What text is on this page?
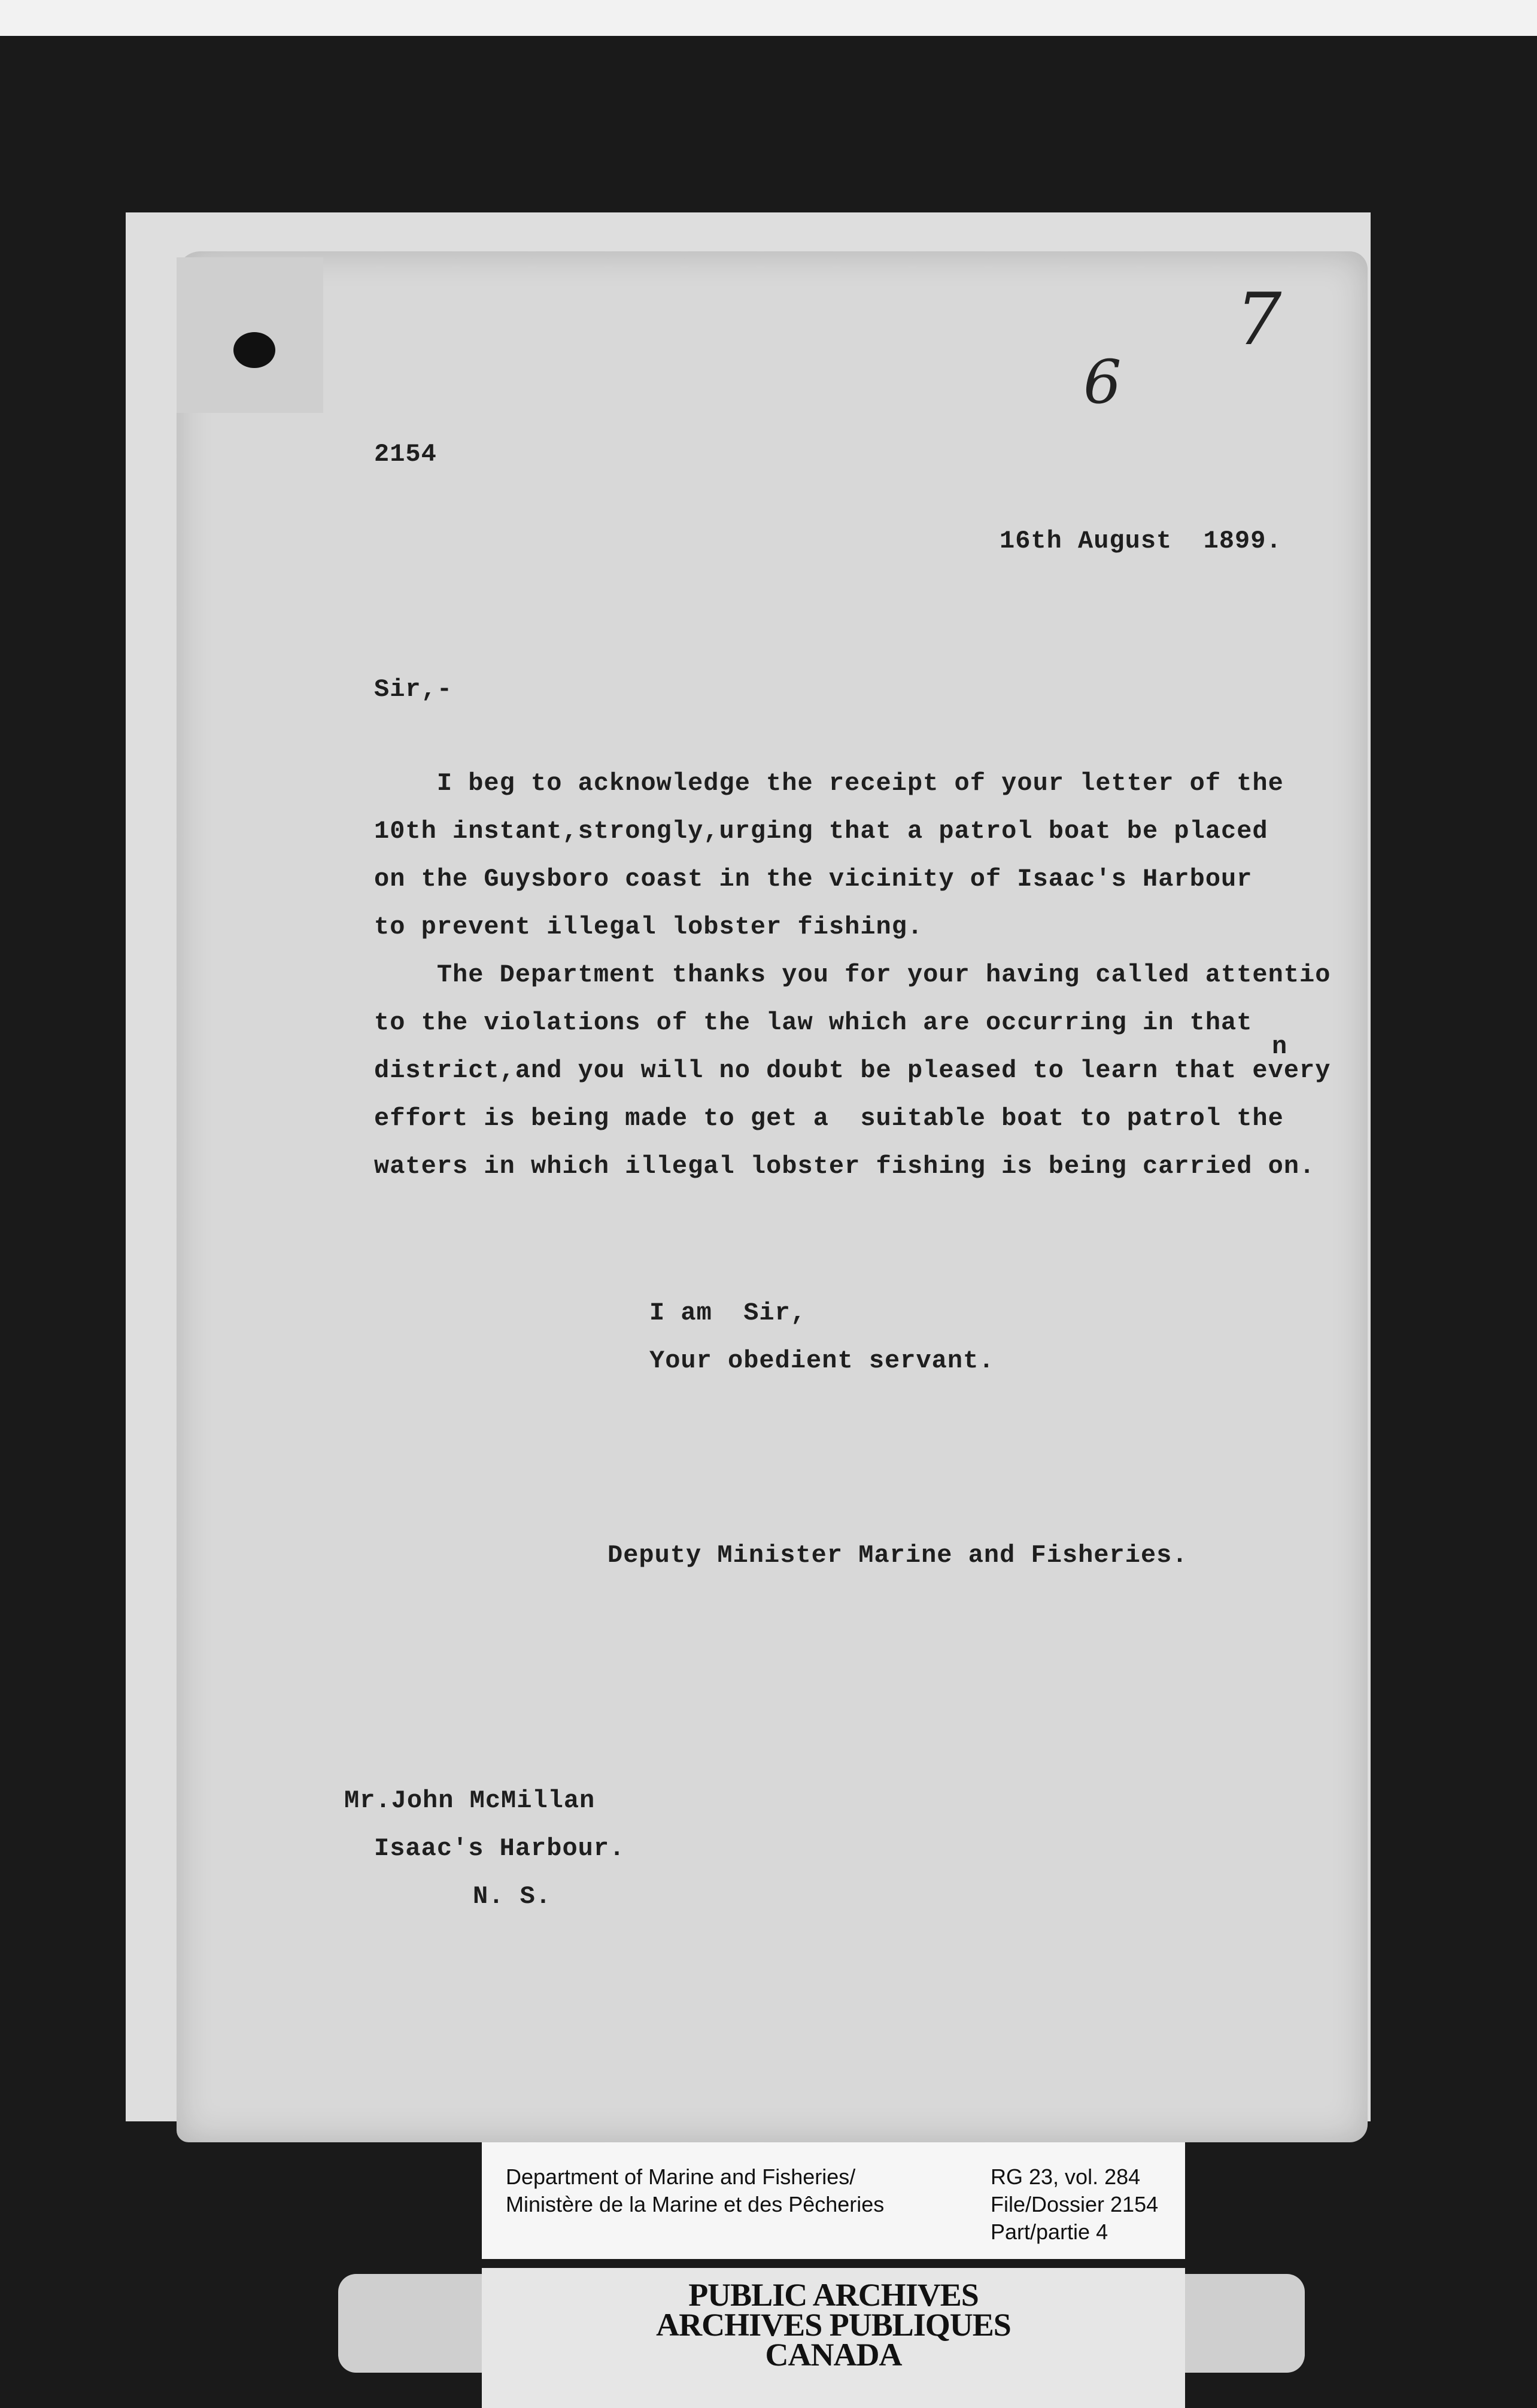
7
6
2154
16th August  1899.
Sir,-
I beg to acknowledge the receipt of your letter of the
10th instant,strongly,urging that a patrol boat be placed
on the Guysboro coast in the vicinity of Isaac's Harbour
to prevent illegal lobster fishing.
The Department thanks you for your having called attentio
to the violations of the law which are occurring in that
district,and you will no doubt be pleased to learn that every
n
effort is being made to get a  suitable boat to patrol the
waters in which illegal lobster fishing is being carried on.
I am  Sir,
Your obedient servant.
Deputy Minister Marine and Fisheries.
Mr.John McMillan
Isaac's Harbour.
N. S.
Department of Marine and Fisheries/
Ministère de la Marine et des Pêcheries
RG 23, vol. 284
File/Dossier 2154
Part/partie 4
PUBLIC ARCHIVES
ARCHIVES PUBLIQUES
CANADA
